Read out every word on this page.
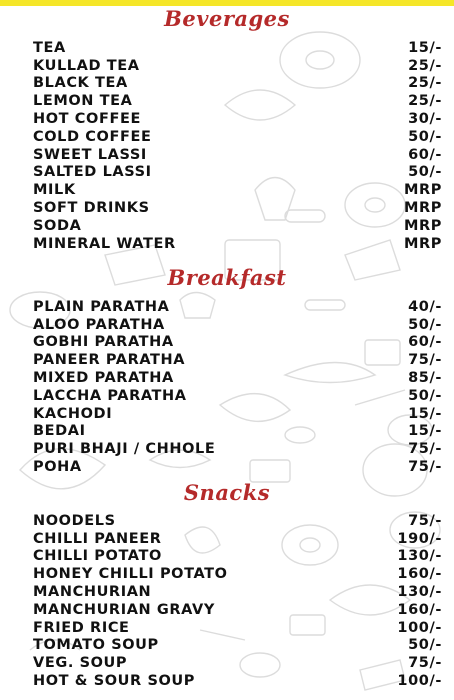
Beverages
TEA	15/-
KULLAD TEA	25/-
BLACK TEA	25/-
LEMON TEA	25/-
HOT COFFEE	30/-
COLD COFFEE	50/-
SWEET LASSI	60/-
SALTED LASSI	50/-
MILK	MRP
SOFT DRINKS	MRP
SODA	MRP
MINERAL WATER	MRP
Breakfast
PLAIN PARATHA	40/-
ALOO PARATHA	50/-
GOBHI PARATHA	60/-
PANEER PARATHA	75/-
MIXED PARATHA	85/-
LACCHA PARATHA	50/-
KACHODI	15/-
BEDAI	15/-
PURI BHAJI / CHHOLE	75/-
POHA	75/-
Snacks
NOODELS	75/-
CHILLI PANEER	190/-
CHILLI POTATO	130/-
HONEY CHILLI POTATO	160/-
MANCHURIAN	130/-
MANCHURIAN GRAVY	160/-
FRIED RICE	100/-
TOMATO SOUP	50/-
VEG. SOUP	75/-
HOT & SOUR SOUP	100/-
